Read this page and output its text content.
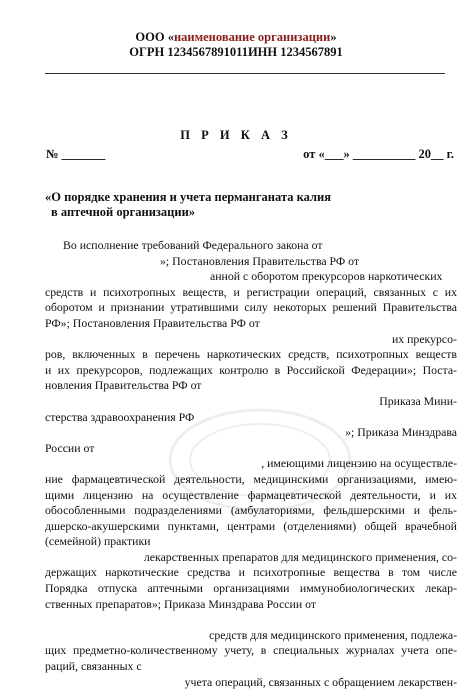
ООО «наименование организации»
ОГРН 1234567891011ИНН 1234567891
П Р И К А З
№ _______	от «___» __________ 20__ г.
«О порядке хранения и учета перманганата калия
в аптечной организации»
Во исполнение требований Федерального закона от
»; Постановления Правительства РФ от
анной с оборотом прекурсоров наркотических
средств и психотропных веществ, и регистрации операций, связанных с их
оборотом и признании утратившими силу некоторых решений Правительства
РФ»; Постановления Правительства РФ от
их прекурсо-
ров, включенных в перечень наркотических средств, психотропных веществ
и их прекурсоров, подлежащих контролю в Российской Федерации»; Поста-
новления Правительства РФ от
Приказа Мини-
стерства здравоохранения РФ
»; Приказа Минздрава
России от
, имеющими лицензию на осуществле-
ние фармацевтической деятельности, медицинскими организациями, имею-
щими лицензию на осуществление фармацевтической деятельности, и их
обособленными подразделениями (амбулаториями, фельдшерскими и фель-
дшерско-акушерскими пунктами, центрами (отделениями) общей врачебной
(семейной) практики
лекарственных препаратов для медицинского применения, со-
держащих наркотические средства и психотропные вещества в том числе
Порядка отпуска аптечными организациями иммунобиологических лекар-
ственных препаратов»; Приказа Минздрава России от
средств для медицинского применения, подлежа-
щих предметно-количественному учету, в специальных журналах учета опе-
раций, связанных с
учета операций, связанных с обращением лекарствен-
